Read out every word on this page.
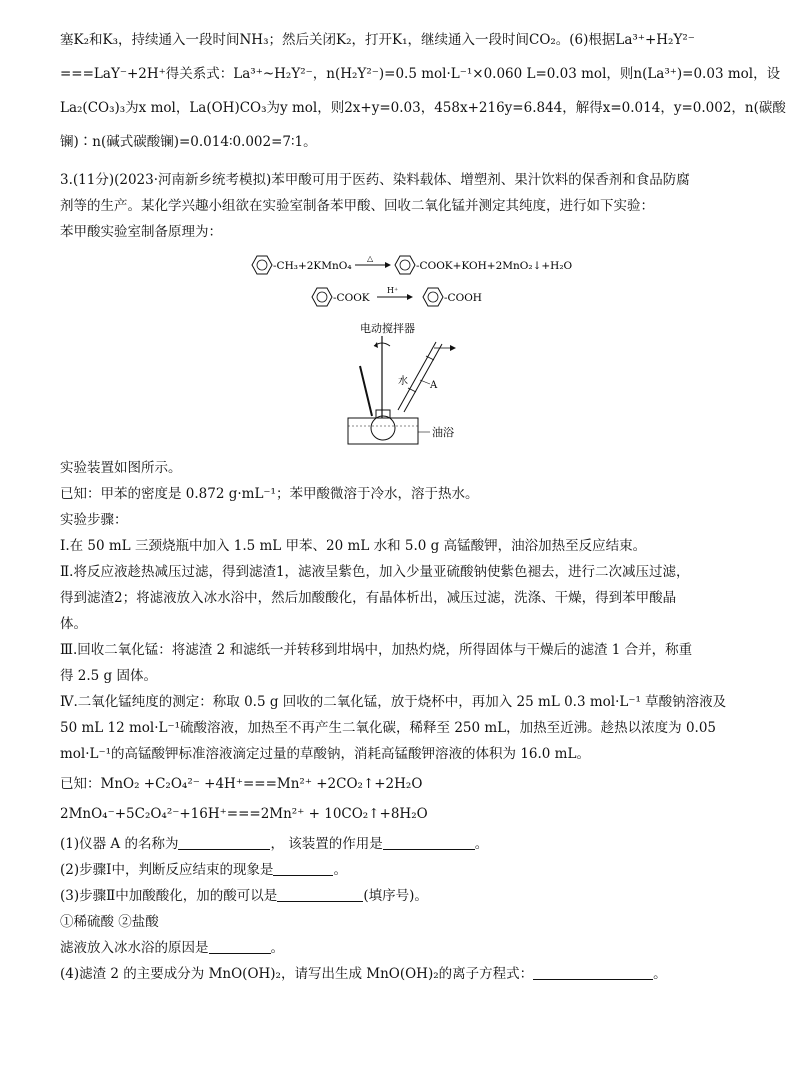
塞K₂和K₃，持续通入一段时间NH₃；然后关闭K₂，打开K₁，继续通入一段时间CO₂。(6)根据La³⁺+H₂Y²⁻
===LaY⁻+2H⁺得关系式：La³⁺~H₂Y²⁻，n(H₂Y²⁻)=0.5 mol·L⁻¹×0.060 L=0.03 mol，则n(La³⁺)=0.03 mol，设
La₂(CO₃)₃为x mol，La(OH)CO₃为y mol，则2x+y=0.03，458x+216y=6.844，解得x=0.014，y=0.002，n(碳酸
镧)∶n(碱式碳酸镧)=0.014∶0.002=7∶1。
3.(11分)(2023·河南新乡统考模拟)苯甲酸可用于医药、染料载体、增塑剂、果汁饮料的保香剂和食品防腐
剂等的生产。某化学兴趣小组欲在实验室制备苯甲酸、回收二氧化锰并测定其纯度，进行如下实验：
苯甲酸实验室制备原理为：
-CH₃+2KMnO₄
△
-COOK+KOH+2MnO₂↓+H₂O
-COOK
H⁺
-COOH
电动搅拌器
水 A
油浴
实验装置如图所示。
已知：甲苯的密度是 0.872 g·mL⁻¹；苯甲酸微溶于冷水，溶于热水。
实验步骤：
Ⅰ.在 50 mL 三颈烧瓶中加入 1.5 mL 甲苯、20 mL 水和 5.0 g 高锰酸钾，油浴加热至反应结束。
Ⅱ.将反应液趁热减压过滤，得到滤渣1，滤液呈紫色，加入少量亚硫酸钠使紫色褪去，进行二次减压过滤，
得到滤渣2；将滤液放入冰水浴中，然后加酸酸化，有晶体析出，减压过滤，洗涤、干燥，得到苯甲酸晶
体。
Ⅲ.回收二氧化锰：将滤渣 2 和滤纸一并转移到坩埚中，加热灼烧，所得固体与干燥后的滤渣 1 合并，称重
得 2.5 g 固体。
Ⅳ.二氧化锰纯度的测定：称取 0.5 g 回收的二氧化锰，放于烧杯中，再加入 25 mL 0.3 mol·L⁻¹ 草酸钠溶液及
50 mL 12 mol·L⁻¹硫酸溶液，加热至不再产生二氧化碳，稀释至 250 mL，加热至近沸。趁热以浓度为 0.05
mol·L⁻¹的高锰酸钾标准溶液滴定过量的草酸钠，消耗高锰酸钾溶液的体积为 16.0 mL。
已知：MnO₂ +C₂O₄²⁻ +4H⁺===Mn²⁺ +2CO₂↑+2H₂O
2MnO₄⁻+5C₂O₄²⁻+16H⁺===2Mn²⁺ + 10CO₂↑+8H₂O
(1)仪器 A 的名称为	， 该装置的作用是	。
(2)步骤Ⅰ中，判断反应结束的现象是	。
(3)步骤Ⅱ中加酸酸化，加的酸可以是	(填序号)。
①稀硫酸 ②盐酸
滤液放入冰水浴的原因是	。
(4)滤渣 2 的主要成分为 MnO(OH)₂，请写出生成 MnO(OH)₂的离子方程式：	。
